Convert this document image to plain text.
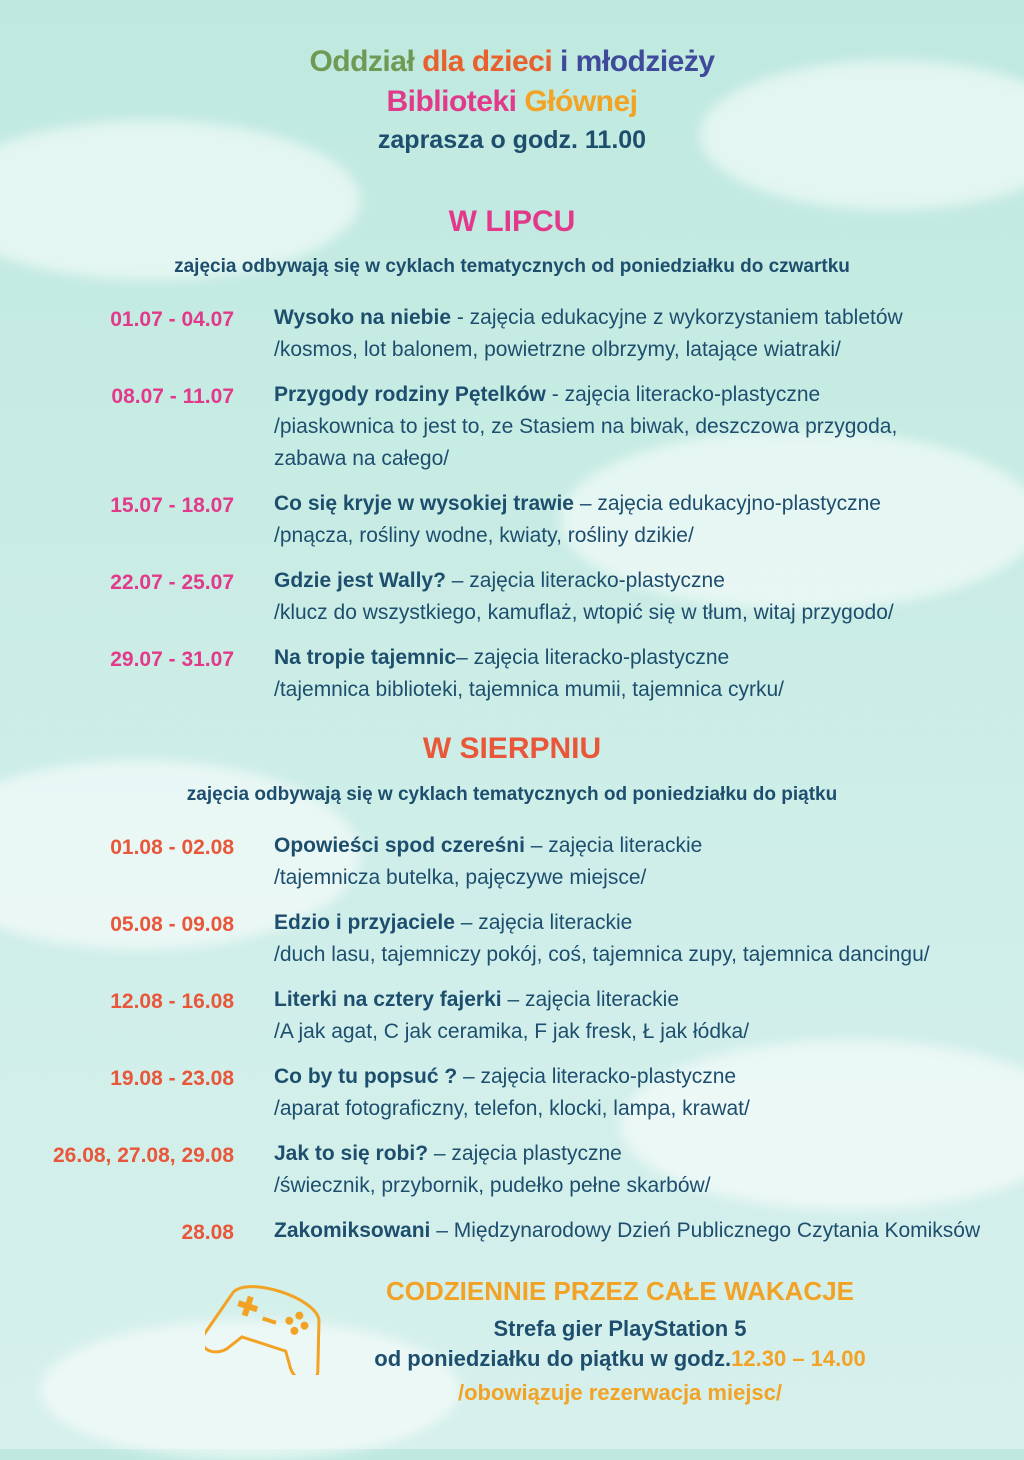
Oddział dla dzieci i młodzieży
Biblioteki Głównej
zaprasza o godz. 11.00
W LIPCU
zajęcia odbywają się w cyklach tematycznych od poniedziałku do czwartku
01.07 - 04.07 Wysoko na niebie - zajęcia edukacyjne z wykorzystaniem tabletów
/kosmos, lot balonem, powietrzne olbrzymy, latające wiatraki/
08.07 - 11.07 Przygody rodziny Pętelków - zajęcia literacko-plastyczne
/piaskownica to jest to, ze Stasiem na biwak, deszczowa przygoda,
zabawa na całego/
15.07 - 18.07 Co się kryje w wysokiej trawie – zajęcia edukacyjno-plastyczne
/pnącza, rośliny wodne, kwiaty, rośliny dzikie/
22.07 - 25.07 Gdzie jest Wally? – zajęcia literacko-plastyczne
/klucz do wszystkiego, kamuflaż, wtopić się w tłum, witaj przygodo/
29.07 - 31.07 Na tropie tajemnic– zajęcia literacko-plastyczne
/tajemnica biblioteki, tajemnica mumii, tajemnica cyrku/
W SIERPNIU
zajęcia odbywają się w cyklach tematycznych od poniedziałku do piątku
01.08 - 02.08 Opowieści spod czereśni – zajęcia literackie
/tajemnicza butelka, pajęczywe miejsce/
05.08 - 09.08 Edzio i przyjaciele – zajęcia literackie
/duch lasu, tajemniczy pokój, coś, tajemnica zupy, tajemnica dancingu/
12.08 - 16.08 Literki na cztery fajerki – zajęcia literackie
/A jak agat, C jak ceramika, F jak fresk, Ł jak łódka/
19.08 - 23.08 Co by tu popsuć ? – zajęcia literacko-plastyczne
/aparat fotograficzny, telefon, klocki, lampa, krawat/
26.08, 27.08, 29.08 Jak to się robi? – zajęcia plastyczne
/świecznik, przybornik, pudełko pełne skarbów/
28.08 Zakomiksowani – Międzynarodowy Dzień Publicznego Czytania Komiksów
CODZIENNIE PRZEZ CAŁE WAKACJE
Strefa gier PlayStation 5
od poniedziałku do piątku w godz.12.30 – 14.00
/obowiązuje rezerwacja miejsc/
